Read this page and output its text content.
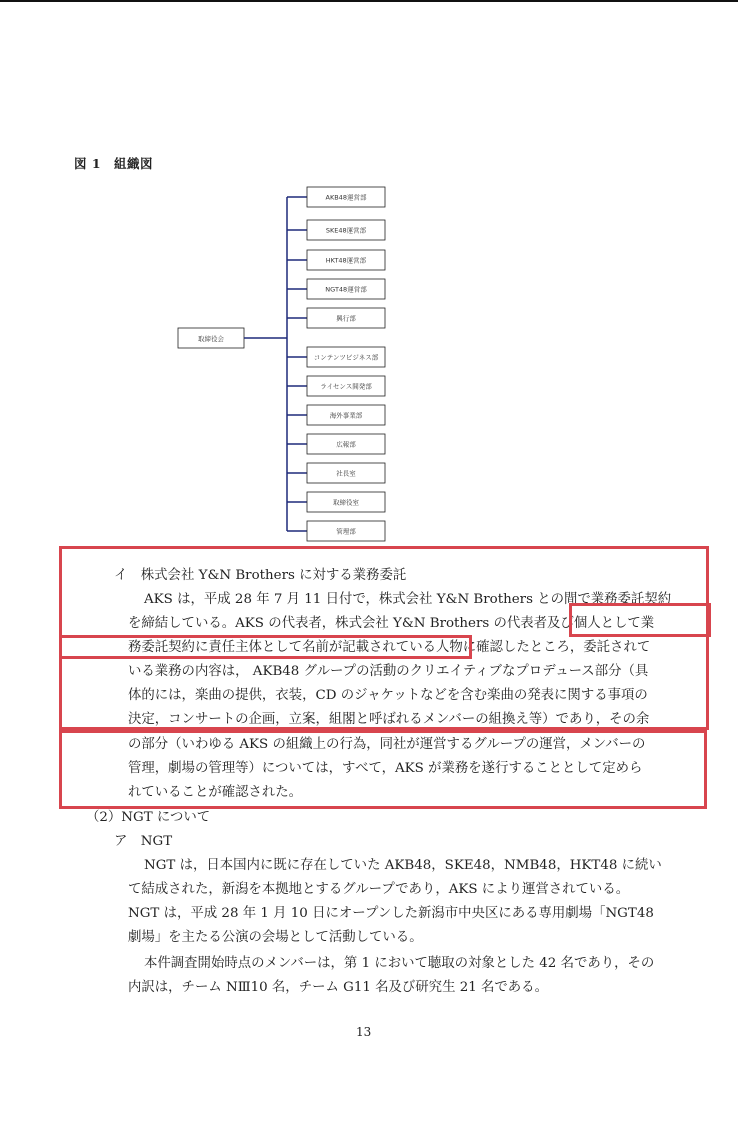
図 1　組織図
取締役会
AKB48運営部
SKE48運営部
HKT48運営部
NGT48運営部
興行部
コンテンツビジネス部
ライセンス開発部
海外事業部
広報部
社長室
取締役室
管理部
イ　株式会社 Y&N Brothers に対する業務委託
AKS は，平成 28 年 7 月 11 日付で，株式会社 Y&N Brothers との間で業務委託契約
を締結している。AKS の代表者，株式会社 Y&N Brothers の代表者及び個人として業
務委託契約に責任主体として名前が記載されている人物に確認したところ，委託されて
いる業務の内容は， AKB48 グループの活動のクリエイティブなプロデュース部分（具
体的には，楽曲の提供，衣装，CD のジャケットなどを含む楽曲の発表に関する事項の
決定，コンサートの企画，立案，組閣と呼ばれるメンバーの組換え等）であり，その余
の部分（いわゆる AKS の組織上の行為，同社が運営するグループの運営，メンバーの
管理，劇場の管理等）については，すべて，AKS が業務を遂行することとして定めら
れていることが確認された。
（2）NGT について
ア　NGT
NGT は，日本国内に既に存在していた AKB48，SKE48，NMB48，HKT48 に続い
て結成された，新潟を本拠地とするグループであり，AKS により運営されている。
NGT は，平成 28 年 1 月 10 日にオープンした新潟市中央区にある専用劇場「NGT48
劇場」を主たる公演の会場として活動している。
本件調査開始時点のメンバーは，第 1 において聴取の対象とした 42 名であり，その
内訳は，チーム NⅢ10 名，チーム G11 名及び研究生 21 名である。
13
